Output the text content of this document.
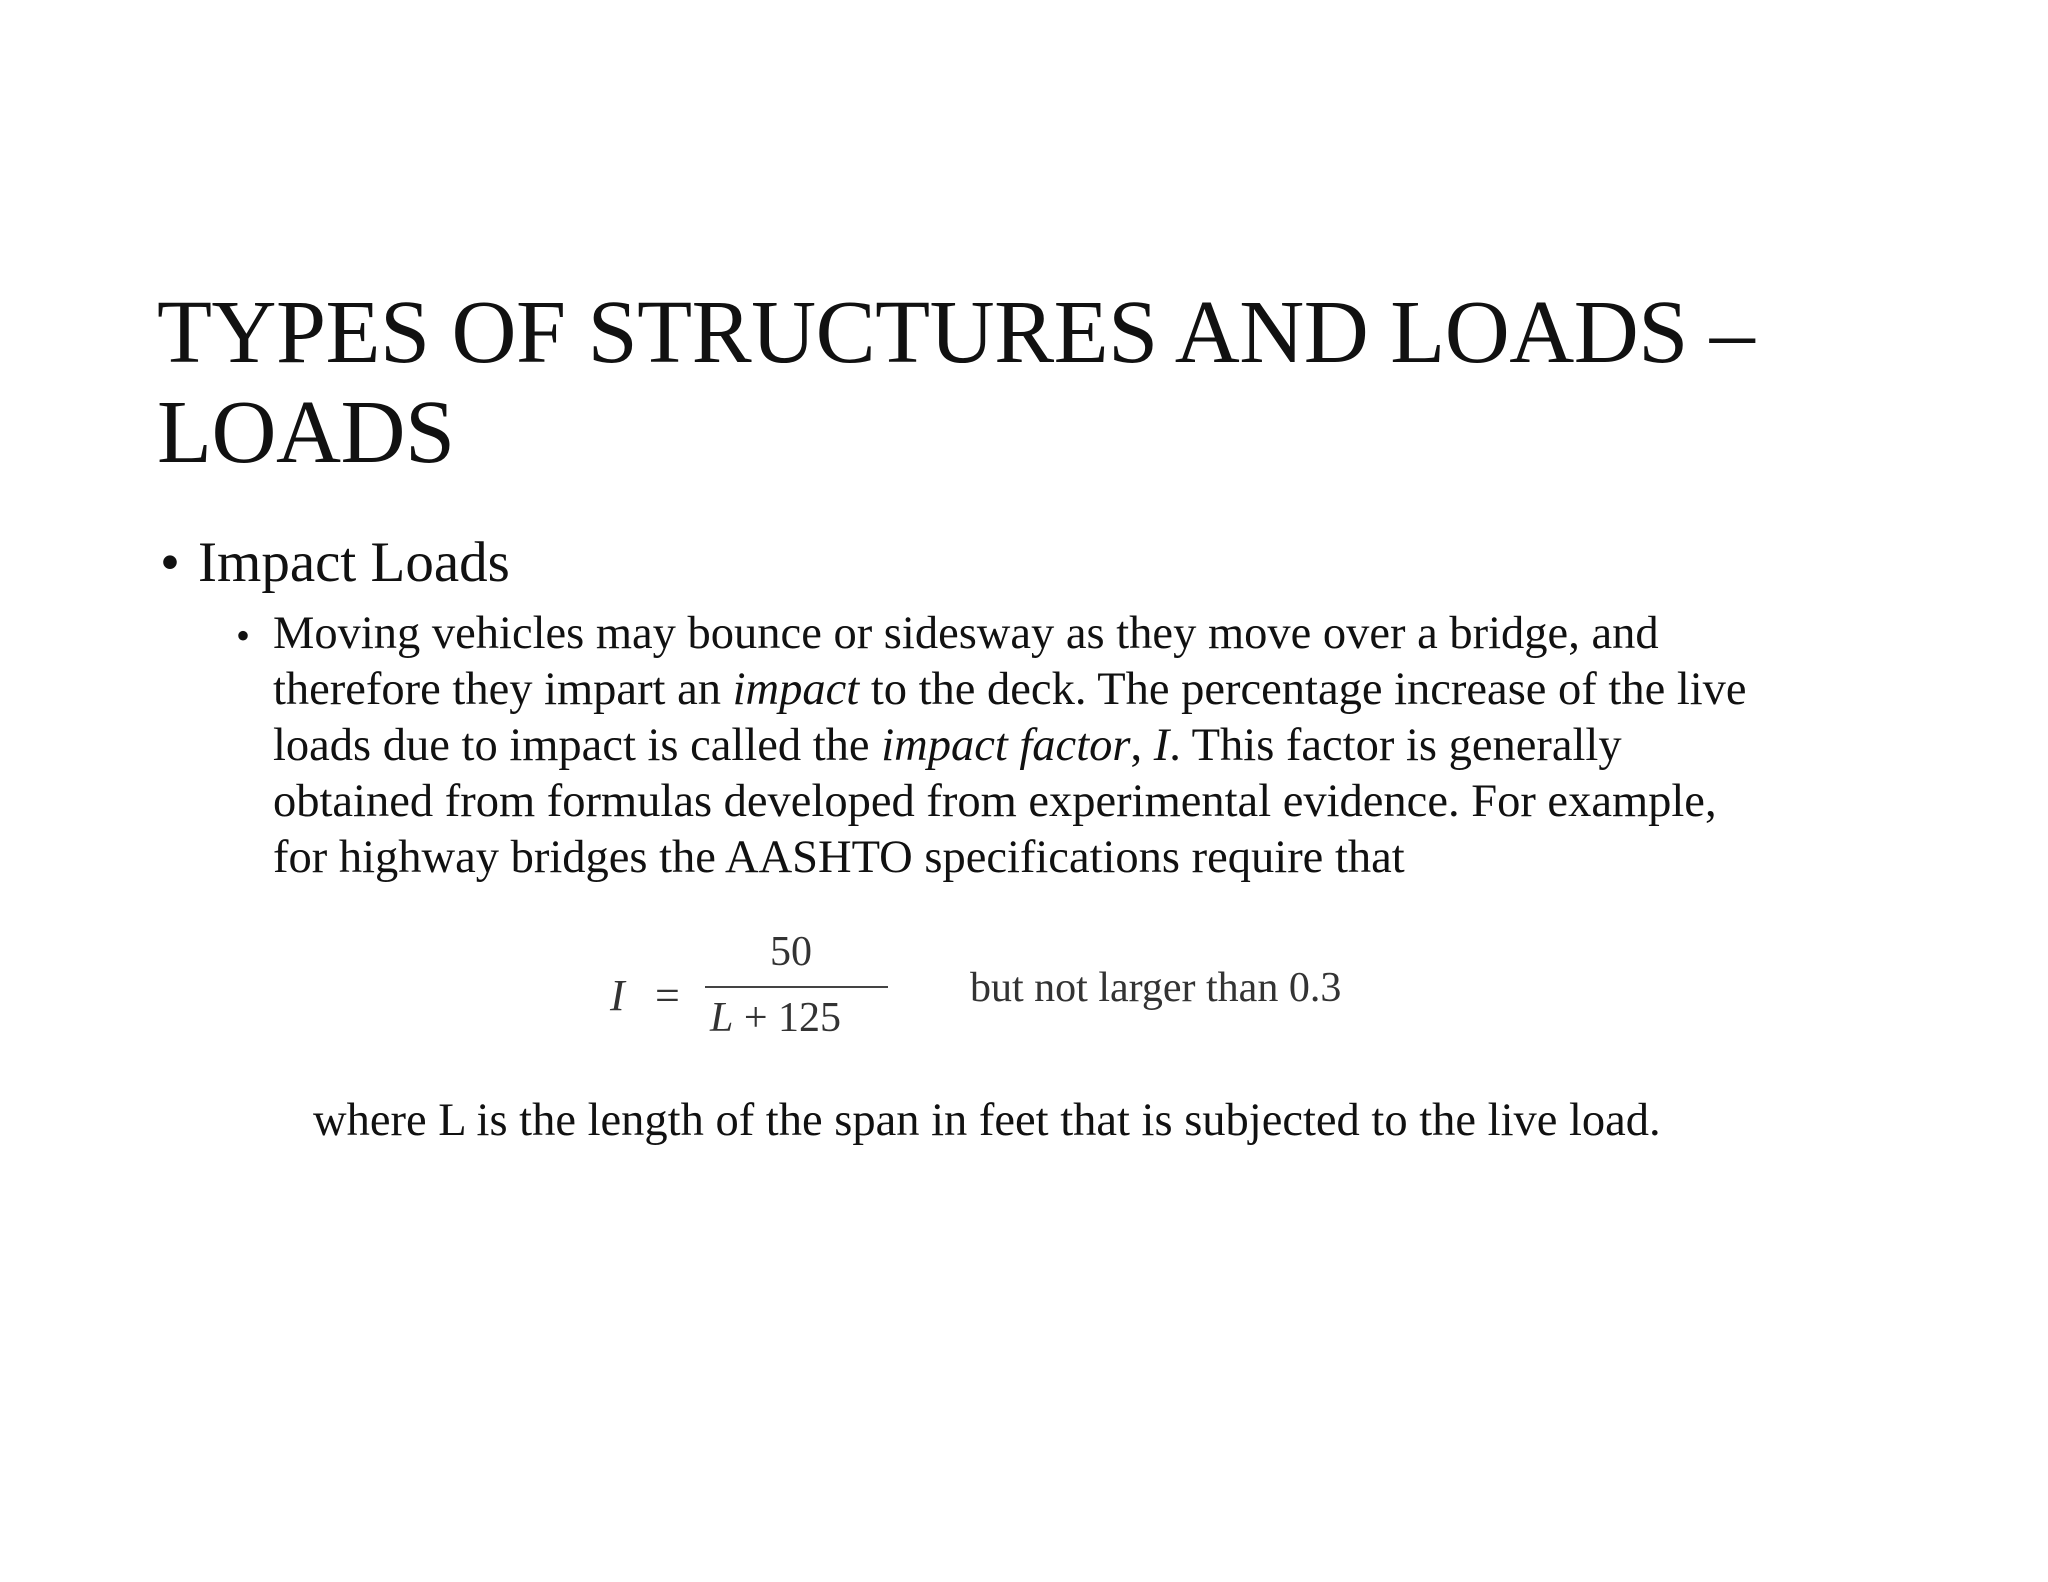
TYPES OF STRUCTURES AND LOADS –
LOADS
• Impact Loads
• Moving vehicles may bounce or sidesway as they move over a bridge, and

therefore they impart an impact to the deck. The percentage increase of the live

loads due to impact is called the impact factor, I. This factor is generally

obtained from formulas developed from experimental evidence. For example,

for highway bridges the AASHTO specifications require that

I =
50
L + 125
but not larger than 0.3
where L is the length of the span in feet that is subjected to the live load.
